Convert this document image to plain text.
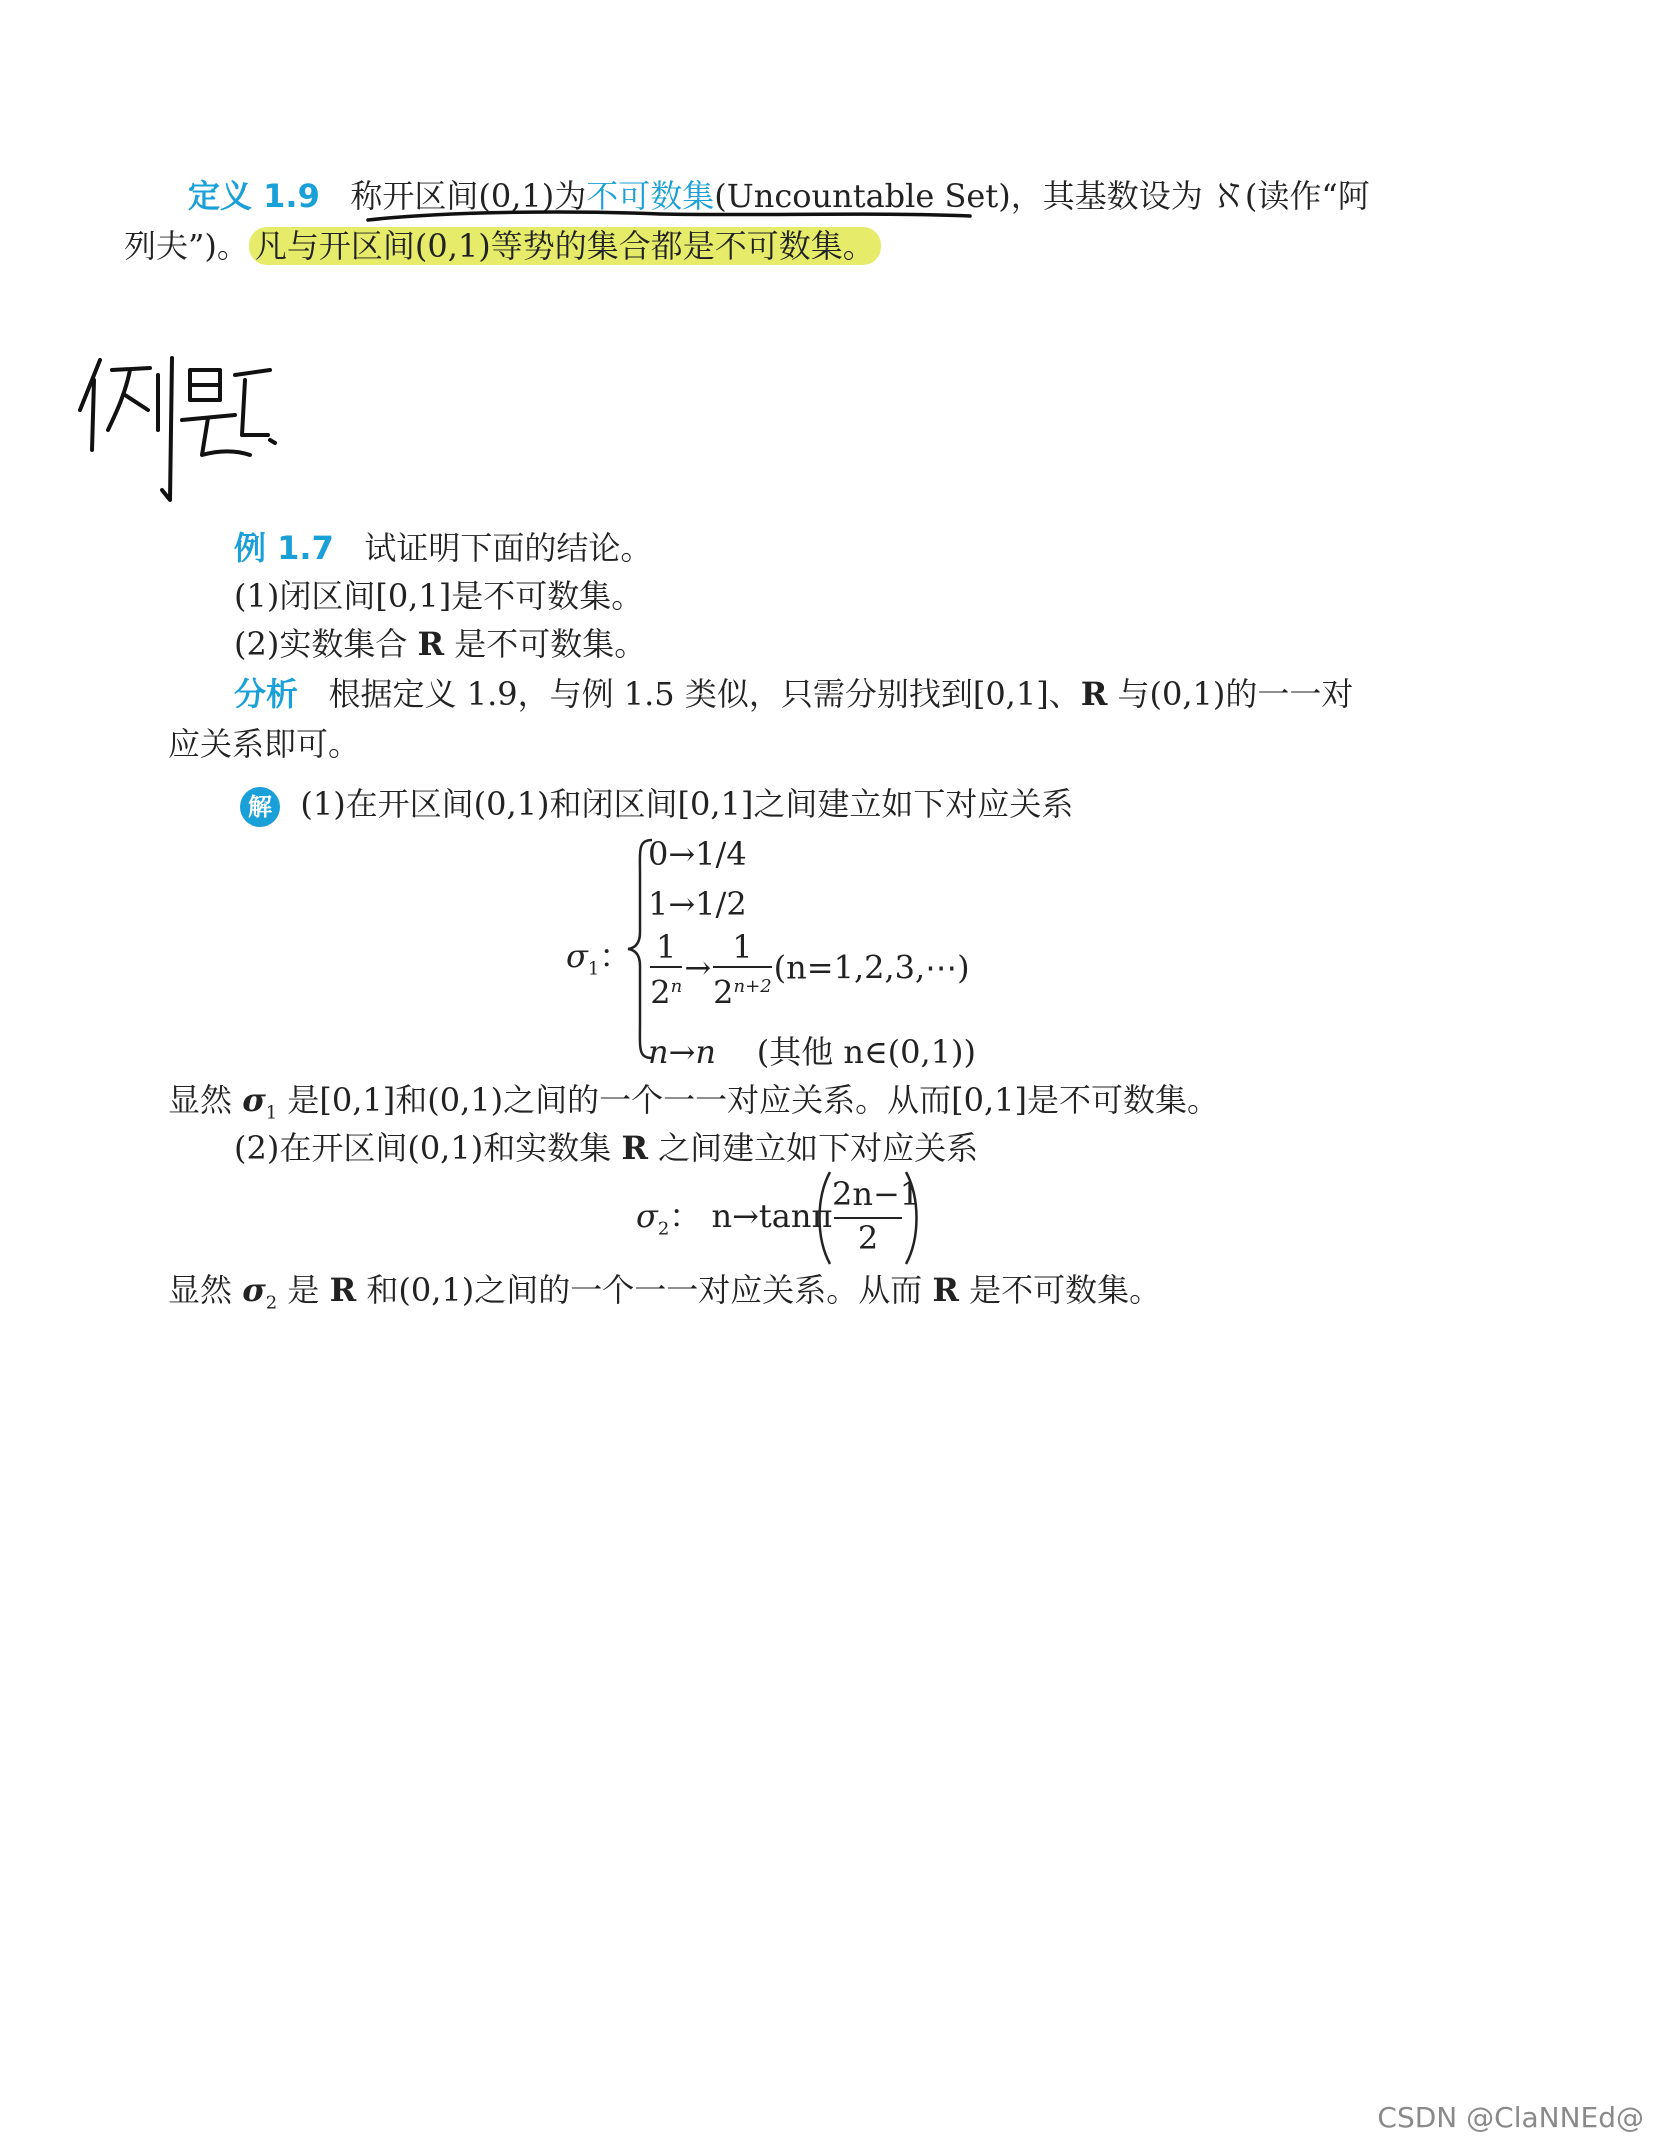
定义 1.9 称开区间(0,1)为不可数集(Uncountable Set)，其基数设为 ℵ(读作“阿
列夫”)。 凡与开区间(0,1)等势的集合都是不可数集。
例题
例 1.7 试证明下面的结论。
(1)闭区间[0,1]是不可数集。
(2)实数集合 R 是不可数集。
分析 根据定义 1.9，与例 1.5 类似，只需分别找到[0,1]、R 与(0,1)的一一对
应关系即可。
解 (1)在开区间(0,1)和闭区间[0,1]之间建立如下对应关系
$\sigma_1$：
0→1/4
1→1/2
$\frac{1}{2^n} \to \frac{1}{2^{n+2}}$ (n=1,2,3,⋯)
n→n (其他 n∈(0,1))
显然 $\sigma_1$ 是[0,1]和(0,1)之间的一个一一对应关系。从而[0,1]是不可数集。
(2)在开区间(0,1)和实数集 R 之间建立如下对应关系
$\sigma_2$： n→tanπ
2n−1
2
显然 $\sigma_2$ 是 R 和(0,1)之间的一个一一对应关系。从而 R 是不可数集。
CSDN @ClaNNEd@
